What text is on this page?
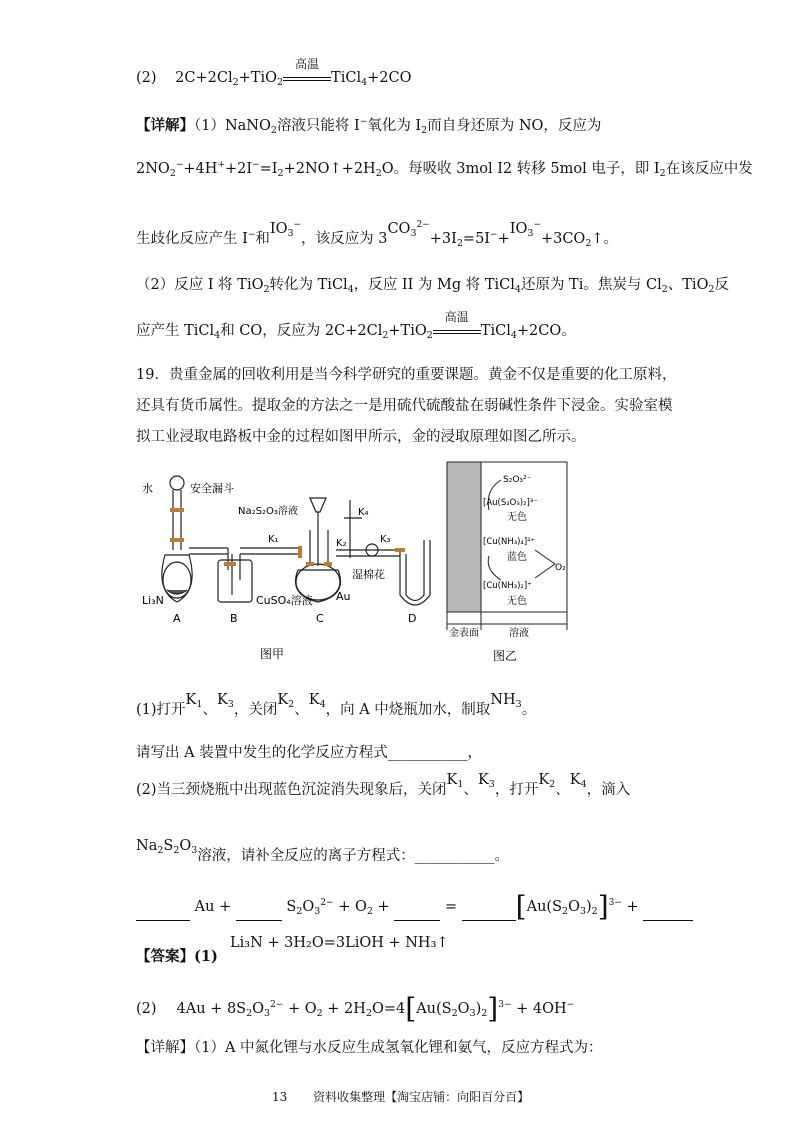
(2) $2C+2Cl_2+TiO_2$
高温
TiCl$_4$+2CO
【详解】（1）NaNO$_2$溶液只能将 I−氧化为 $I_2$而自身还原为 NO，反应为
$2NO_2^-+4H^++2I^-=I_2+2NO↑+2H_2O$。每吸收 3mol I2 转移 5mol 电子，即 $I_2$在该反应中发
生歧化反应产生 I−和$IO_3^-$，该反应为 $3CO_3^{2-}+3I_2=5I^-+IO_3^-+3CO_2↑$。
（2）反应 I 将 TiO$_2$转化为 TiCl$_4$，反应 II 为 Mg 将 TiCl$_4$还原为 Ti。焦炭与 $Cl_2$、TiO$_2$反
应产生 TiCl$_4$和 CO，反应为 $2C+2Cl_2+TiO_2$
高温
TiCl$_4$+2CO。
19．贵重金属的回收利用是当今科学研究的重要课题。黄金不仅是重要的化工原料，
还具有货币属性。提取金的方法之一是用硫代硫酸盐在弱碱性条件下浸金。实验室模
拟工业浸取电路板中金的过程如图甲所示，金的浸取原理如图乙所示。
水	安全漏斗
Na₂S₂O₃溶液
K₁	K₂	K₃
K₄
Li₃N	CuSO₄溶液 Au
湿棉花
A	B	C	D
图甲
S₂O₃²⁻
[Au(S₂O₃)₂]³⁻
无色
[Cu(NH₃)₄]²⁺
蓝色
O₂
[Cu(NH₃)₂]⁺
无色
金表面	溶液
图乙
(1)打开$K_1$、$K_3$，关闭$K_2$、$K_4$，向 A 中烧瓶加水，制取$NH_3$。
请写出 A 装置中发生的化学反应方程式___________，
(2)当三颈烧瓶中出现蓝色沉淀消失现象后，关闭$K_1$、$K_3$，打开$K_2$、$K_4$，滴入
$Na_2S_2O_3$溶液，请补全反应的离子方程式：___________。
Au +	$S_2O_3^{2-} + O_2$ +	= $[Au(S_2O_3)_2]^{3-}$ +
Li₃N + 3H₂O=3LiOH + NH₃↑
【答案】(1)
(2) $4Au + 8S_2O_3^{2-} + O_2 + 2H_2O=4[Au(S_2O_3)_2]^{3-} + 4OH^-$
【详解】（1）A 中氮化锂与水反应生成氢氧化锂和氨气，反应方程式为：
13 资料收集整理【淘宝店铺：向阳百分百】
